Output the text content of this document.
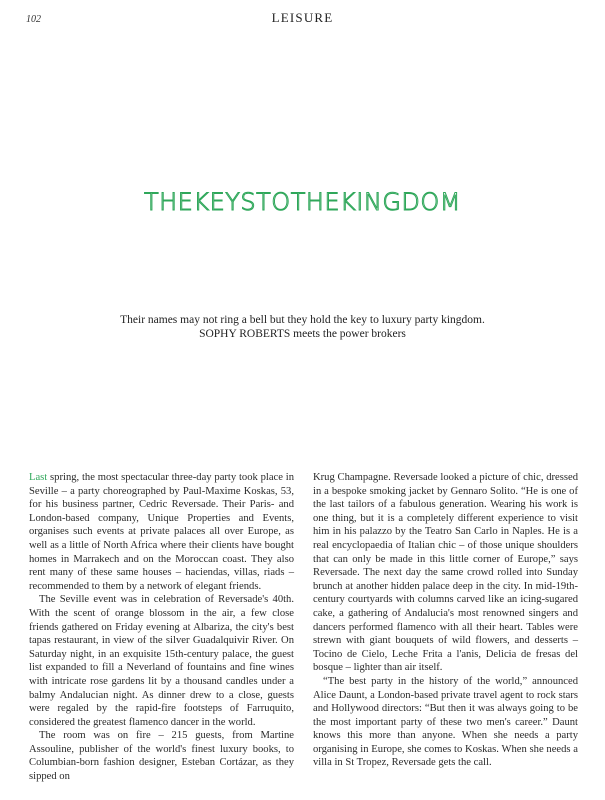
102	LEISURE
THEKEYSTOTHEKINGDOM
Their names may not ring a bell but they hold the key to luxury party kingdom.
SOPHY ROBERTS meets the power brokers

Last spring, the most spectacular three-day party took place in Seville – a party choreographed by Paul-Maxime Koskas, 53, for his business partner, Cedric Reversade. Their Paris- and London-based company, Unique Properties and Events, organises such events at private palaces all over Europe, as well as a little of North Africa where their clients have bought homes in Marrakech and on the Moroccan coast. They also rent many of these same houses – haciendas, villas, riads – recommended to them by a network of elegant friends.

The Seville event was in celebration of Reversade's 40th. With the scent of orange blossom in the air, a few close friends gathered on Friday evening at Albariza, the city's best tapas restaurant, in view of the silver Guadalquivir River. On Saturday night, in an exquisite 15th-century palace, the guest list expanded to fill a Neverland of fountains and fine wines with intricate rose gardens lit by a thousand candles under a balmy Andalucian night. As dinner drew to a close, guests were regaled by the rapid-fire footsteps of Farruquito, considered the greatest flamenco dancer in the world.

The room was on fire – 215 guests, from Martine Assouline, publisher of the world's finest luxury books, to Columbian-born fashion designer, Esteban Cortázar, as they sipped on

Krug Champagne. Reversade looked a picture of chic, dressed in a bespoke smoking jacket by Gennaro Solito. “He is one of the last tailors of a fabulous generation. Wearing his work is one thing, but it is a completely different experience to visit him in his palazzo by the Teatro San Carlo in Naples. He is a real encyclopaedia of Italian chic – of those unique shoulders that can only be made in this little corner of Europe,” says Reversade. The next day the same crowd rolled into Sunday brunch at another hidden palace deep in the city. In mid-19th-century courtyards with columns carved like an icing-sugared cake, a gathering of Andalucia's most renowned singers and dancers performed flamenco with all their heart. Tables were strewn with giant bouquets of wild flowers, and desserts – Tocino de Cielo, Leche Frita a l'anis, Delicia de fresas del bosque – lighter than air itself.

“The best party in the history of the world,” announced Alice Daunt, a London-based private travel agent to rock stars and Hollywood directors: “But then it was always going to be the most important party of these two men's career.” Daunt knows this more than anyone. When she needs a party organising in Europe, she comes to Koskas. When she needs a villa in St Tropez, Reversade gets the call.
